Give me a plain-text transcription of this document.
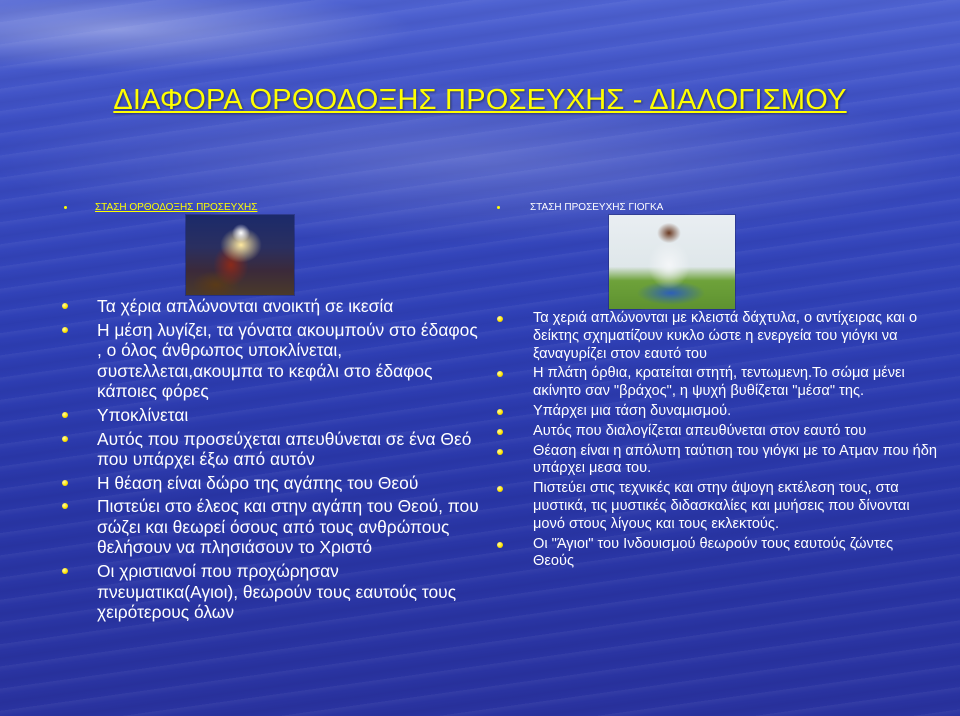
ΔΙΑΦΟΡΑ ΟΡΘΟΔΟΞΗΣ ΠΡΟΣΕΥΧΗΣ - ΔΙΑΛΟΓΙΣΜΟΥ
ΣΤΑΣΗ ΟΡΘΟΔΟΞΗΣ ΠΡΟΣΕΥΧΗΣ	ΣΤΑΣΗ ΠΡΟΣΕΥΧΗΣ ΓΙΟΓΚΑ
Τα χέρια απλώνονται ανοικτή σε ικεσία
Η μέση λυγίζει, τα γόνατα ακουμπούν στο έδαφος , ο όλος άνθρωπος υποκλίνεται, συστελλεται,ακουμπα το κεφάλι στο έδαφος κάποιες φόρες
Υποκλίνεται
Αυτός που προσεύχεται απευθύνεται σε ένα Θεό που υπάρχει έξω από αυτόν
Η θέαση είναι δώρο της αγάπης του Θεού
Πιστεύει στο έλεος και στην αγάπη του Θεού, που σώζει και θεωρεί όσους από τους ανθρώπους θελήσουν να πλησιάσουν το Χριστό
Οι χριστιανοί που προχώρησαν πνευματικα(Αγιοι), θεωρούν τους εαυτούς τους χειρότερους όλων
Τα χεριά απλώνονται με κλειστά δάχτυλα, ο αντίχειρας και ο δείκτης σχηματίζουν κυκλο ώστε η ενεργεία του γιόγκι να ξαναγυρίζει στον εαυτό του
Η πλάτη όρθια, κρατείται στητή, τεντωμενη.Το σώμα μένει ακίνητο σαν "βράχος", η ψυχή βυθίζεται "μέσα" της.
Υπάρχει μια τάση δυναμισμού.
Αυτός που διαλογίζεται απευθύνεται στον εαυτό του
Θέαση είναι η απόλυτη ταύτιση του γιόγκι με το Ατμαν που ήδη υπάρχει μεσα του.
Πιστεύει στις τεχνικές και στην άψογη εκτέλεση τους, στα μυστικά, τις μυστικές διδασκαλίες και μυήσεις που δίνονται μονό στους λίγους και τους εκλεκτούς.
Οι "Άγιοι" του Ινδουισμού θεωρούν τους εαυτούς ζώντες Θεούς
